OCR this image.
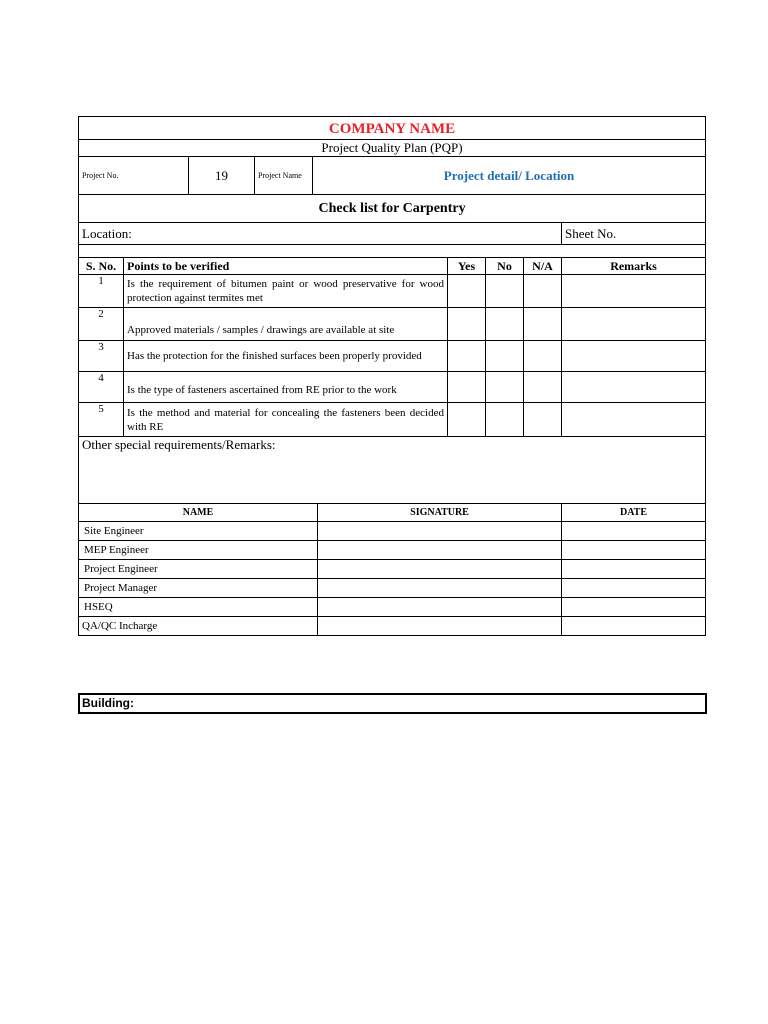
COMPANY NAME
Project Quality Plan (PQP)
Project No.	19	Project Name	Project detail/ Location
Check list for Carpentry
Location:	Sheet No.

S. No.	Points to be verified	Yes	No	N/A	Remarks
1	Is the requirement of bitumen paint or wood preservative for wood protection against termites met				
2	Approved materials / samples / drawings are available at site				
3	Has the protection for the finished surfaces been properly provided				
4	Is the type of fasteners ascertained from RE prior to the work				
5	Is the method and material for concealing the fasteners been decided with RE				
Other special requirements/Remarks:					
NAME	SIGNATURE	DATE
Site Engineer		
MEP Engineer		
Project Engineer		
Project Manager		
HSEQ		
QA/QC Incharge		
Building:
